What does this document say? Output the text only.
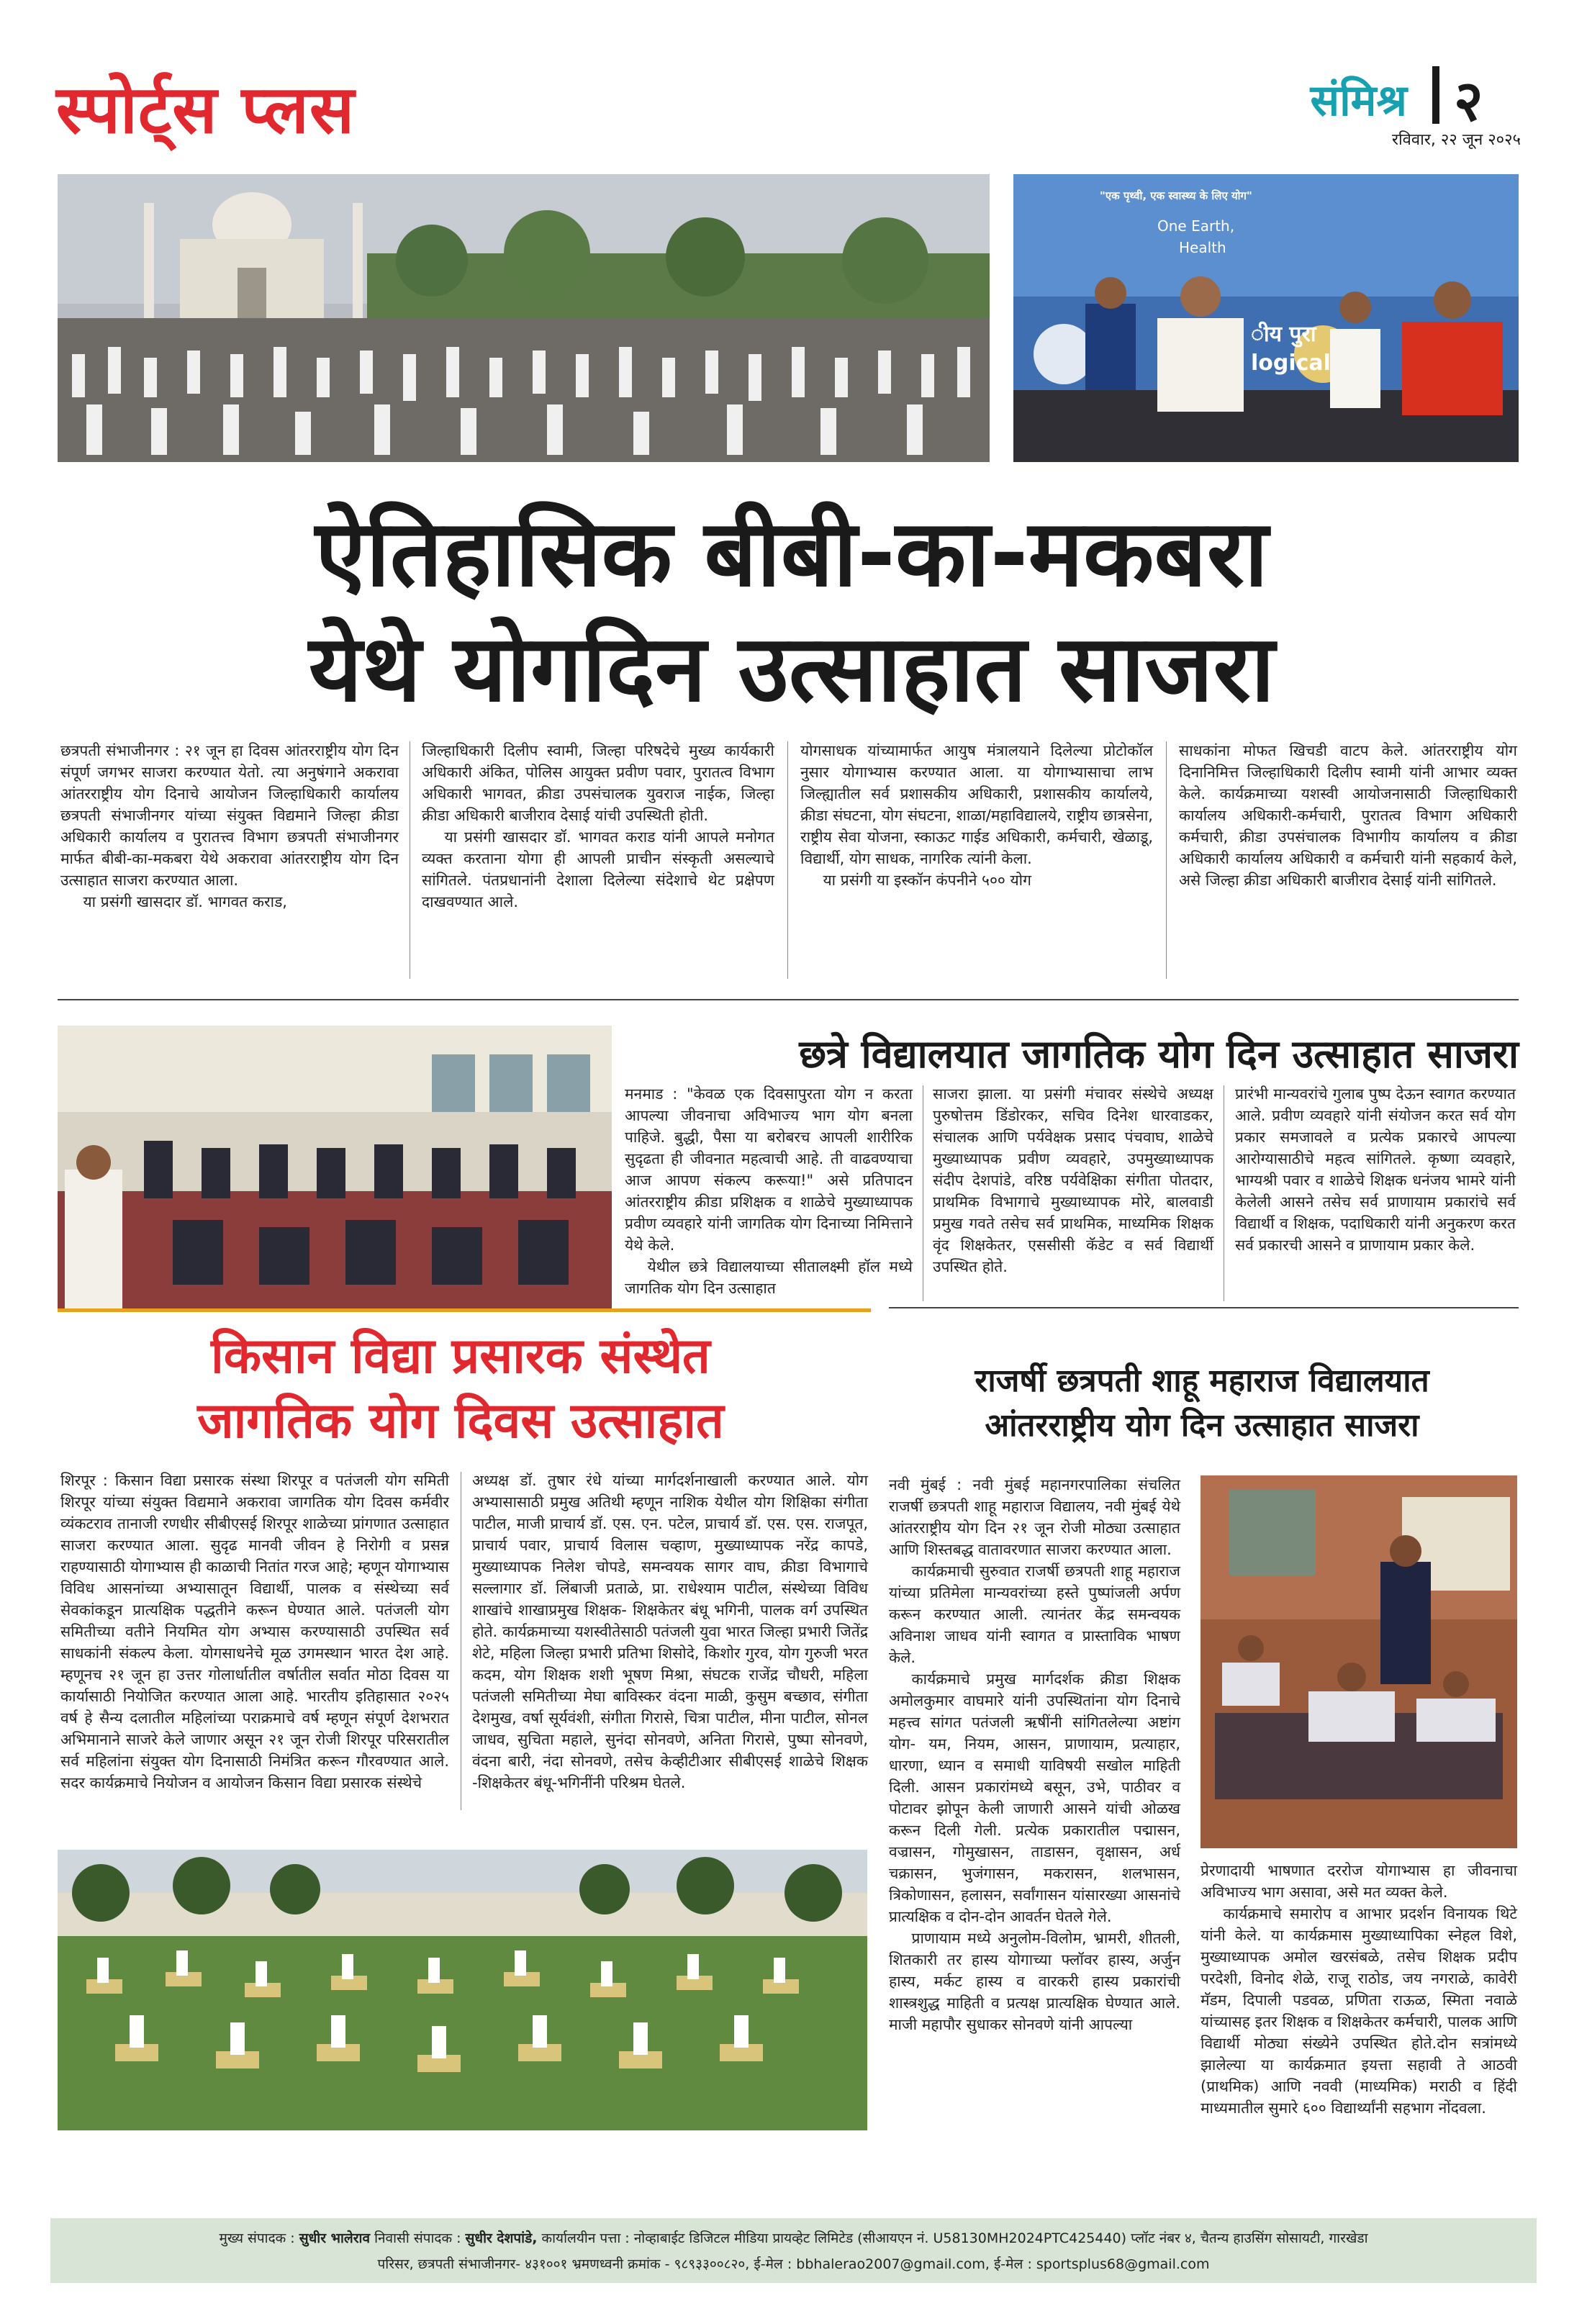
स्पोर्ट्स प्लस	संमिश्र २
रविवार, २२ जून २०२५
"एक पृथ्वी, एक स्वास्थ्य के लिए योग"
One Earth,
Health
ीय पुरा
logical
ऐतिहासिक बीबी-का-मकबरा
येथे योगदिन उत्साहात साजरा

छत्रपती संभाजीनगर : २१ जून हा दिवस आंतरराष्ट्रीय योग दिन संपूर्ण जगभर साजरा करण्यात येतो. त्या अनुषंगाने अकरावा आंतरराष्ट्रीय योग दिनाचे आयोजन जिल्हाधिकारी कार्यालय छत्रपती संभाजीनगर यांच्या संयुक्त विद्यमाने जिल्हा क्रीडा अधिकारी कार्यालय व पुरातत्त्व विभाग छत्रपती संभाजीनगर मार्फत बीबी-का-मकबरा येथे अकरावा आंतरराष्ट्रीय योग दिन उत्साहात साजरा करण्यात आला.

या प्रसंगी खासदार डॉ. भागवत कराड,

जिल्हाधिकारी दिलीप स्वामी, जिल्हा परिषदेचे मुख्य कार्यकारी अधिकारी अंकित, पोलिस आयुक्त प्रवीण पवार, पुरातत्व विभाग अधिकारी भागवत, क्रीडा उपसंचालक युवराज नाईक, जिल्हा क्रीडा अधिकारी बाजीराव देसाई यांची उपस्थिती होती.

या प्रसंगी खासदार डॉ. भागवत कराड यांनी आपले मनोगत व्यक्त करताना योगा ही आपली प्राचीन संस्कृती असल्याचे सांगितले. पंतप्रधानांनी देशाला दिलेल्या संदेशाचे थेट प्रक्षेपण दाखवण्यात आले.

योगसाधक यांच्यामार्फत आयुष मंत्रालयाने दिलेल्या प्रोटोकॉल नुसार योगाभ्यास करण्यात आला. या योगाभ्यासाचा लाभ जिल्ह्यातील सर्व प्रशासकीय अधिकारी, प्रशासकीय कार्यालये, क्रीडा संघटना, योग संघटना, शाळा/महाविद्यालये, राष्ट्रीय छात्रसेना, राष्ट्रीय सेवा योजना, स्काऊट गाईड अधिकारी, कर्मचारी, खेळाडू, विद्यार्थी, योग साधक, नागरिक त्यांनी केला.

या प्रसंगी या इस्कॉन कंपनीने ५०० योग

साधकांना मोफत खिचडी वाटप केले. आंतरराष्ट्रीय योग दिनानिमित्त जिल्हाधिकारी दिलीप स्वामी यांनी आभार व्यक्त केले. कार्यक्रमाच्या यशस्वी आयोजनासाठी जिल्हाधिकारी कार्यालय अधिकारी-कर्मचारी, पुरातत्व विभाग अधिकारी कर्मचारी, क्रीडा उपसंचालक विभागीय कार्यालय व क्रीडा अधिकारी कार्यालय अधिकारी व कर्मचारी यांनी सहकार्य केले, असे जिल्हा क्रीडा अधिकारी बाजीराव देसाई यांनी सांगितले.

छत्रे विद्यालयात जागतिक योग दिन उत्साहात साजरा

मनमाड : "केवळ एक दिवसापुरता योग न करता आपल्या जीवनाचा अविभाज्य भाग योग बनला पाहिजे. बुद्धी, पैसा या बरोबरच आपली शारीरिक सुदृढता ही जीवनात महत्वाची आहे. ती वाढवण्याचा आज आपण संकल्प करूया!" असे प्रतिपादन आंतरराष्ट्रीय क्रीडा प्रशिक्षक व शाळेचे मुख्याध्यापक प्रवीण व्यवहारे यांनी जागतिक योग दिनाच्या निमित्ताने येथे केले.

येथील छत्रे विद्यालयाच्या सीतालक्ष्मी हॉल मध्ये जागतिक योग दिन उत्साहात

साजरा झाला. या प्रसंगी मंचावर संस्थेचे अध्यक्ष पुरुषोत्तम डिंडोरकर, सचिव दिनेश धारवाडकर, संचालक आणि पर्यवेक्षक प्रसाद पंचवाघ, शाळेचे मुख्याध्यापक प्रवीण व्यवहारे, उपमुख्याध्यापक संदीप देशपांडे, वरिष्ठ पर्यवेक्षिका संगीता पोतदार, प्राथमिक विभागाचे मुख्याध्यापक मोरे, बालवाडी प्रमुख गवते तसेच सर्व प्राथमिक, माध्यमिक शिक्षक वृंद शिक्षकेतर, एससीसी कॅडेट व सर्व विद्यार्थी उपस्थित होते.

प्रारंभी मान्यवरांचे गुलाब पुष्प देऊन स्वागत करण्यात आले. प्रवीण व्यवहारे यांनी संयोजन करत सर्व योग प्रकार समजावले व प्रत्येक प्रकारचे आपल्या आरोग्यासाठीचे महत्व सांगितले. कृष्णा व्यवहारे, भाग्यश्री पवार व शाळेचे शिक्षक धनंजय भामरे यांनी केलेली आसने तसेच सर्व प्राणायाम प्रकारांचे सर्व विद्यार्थी व शिक्षक, पदाधिकारी यांनी अनुकरण करत सर्व प्रकारची आसने व प्राणायाम प्रकार केले.

किसान विद्या प्रसारक संस्थेत
जागतिक योग दिवस उत्साहात

शिरपूर : किसान विद्या प्रसारक संस्था शिरपूर व पतंजली योग समिती शिरपूर यांच्या संयुक्त विद्यमाने अकरावा जागतिक योग दिवस कर्मवीर व्यंकटराव तानाजी रणधीर सीबीएसई शिरपूर शाळेच्या प्रांगणात उत्साहात साजरा करण्यात आला. सुदृढ मानवी जीवन हे निरोगी व प्रसन्न राहण्यासाठी योगाभ्यास ही काळाची नितांत गरज आहे; म्हणून योगाभ्यास विविध आसनांच्या अभ्यासातून विद्यार्थी, पालक व संस्थेच्या सर्व सेवकांकडून प्रात्यक्षिक पद्धतीने करून घेण्यात आले. पतंजली योग समितीच्या वतीने नियमित योग अभ्यास करण्यासाठी उपस्थित सर्व साधकांनी संकल्प केला. योगसाधनेचे मूळ उगमस्थान भारत देश आहे. म्हणूनच २१ जून हा उत्तर गोलार्धातील वर्षातील सर्वात मोठा दिवस या कार्यासाठी नियोजित करण्यात आला आहे. भारतीय इतिहासात २०२५ वर्ष हे सैन्य दलातील महिलांच्या पराक्रमाचे वर्ष म्हणून संपूर्ण देशभरात अभिमानाने साजरे केले जाणार असून २१ जून रोजी शिरपूर परिसरातील सर्व महिलांना संयुक्त योग दिनासाठी निमंत्रित करून गौरवण्यात आले. सदर कार्यक्रमाचे नियोजन व आयोजन किसान विद्या प्रसारक संस्थेचे

अध्यक्ष डॉ. तुषार रंधे यांच्या मार्गदर्शनाखाली करण्यात आले. योग अभ्यासासाठी प्रमुख अतिथी म्हणून नाशिक येथील योग शिक्षिका संगीता पाटील, माजी प्राचार्य डॉ. एस. एन. पटेल, प्राचार्य डॉ. एस. एस. राजपूत, प्राचार्य पवार, प्राचार्य विलास चव्हाण, मुख्याध्यापक नरेंद्र कापडे, मुख्याध्यापक निलेश चोपडे, समन्वयक सागर वाघ, क्रीडा विभागाचे सल्लागार डॉ. लिंबाजी प्रताळे, प्रा. राधेश्याम पाटील, संस्थेच्या विविध शाखांचे शाखाप्रमुख शिक्षक- शिक्षकेतर बंधू भगिनी, पालक वर्ग उपस्थित होते. कार्यक्रमाच्या यशस्वीतेसाठी पतंजली युवा भारत जिल्हा प्रभारी जितेंद्र शेटे, महिला जिल्हा प्रभारी प्रतिभा शिसोदे, किशोर गुरव, योग गुरुजी भरत कदम, योग शिक्षक शशी भूषण मिश्रा, संघटक राजेंद्र चौधरी, महिला पतंजली समितीच्या मेघा बाविस्कर वंदना माळी, कुसुम बच्छाव, संगीता देशमुख, वर्षा सूर्यवंशी, संगीता गिरासे, चित्रा पाटील, मीना पाटील, सोनल जाधव, सुचिता महाले, सुनंदा सोनवणे, अनिता गिरासे, पुष्पा सोनवणे, वंदना बारी, नंदा सोनवणे, तसेच केव्हीटीआर सीबीएसई शाळेचे शिक्षक -शिक्षकेतर बंधू-भगिनींनी परिश्रम घेतले.

राजर्षी छत्रपती शाहू महाराज विद्यालयात
आंतरराष्ट्रीय योग दिन उत्साहात साजरा

नवी मुंबई : नवी मुंबई महानगरपालिका संचलित राजर्षी छत्रपती शाहू महाराज विद्यालय, नवी मुंबई येथे आंतरराष्ट्रीय योग दिन २१ जून रोजी मोठ्या उत्साहात आणि शिस्तबद्ध वातावरणात साजरा करण्यात आला.

कार्यक्रमाची सुरुवात राजर्षी छत्रपती शाहू महाराज यांच्या प्रतिमेला मान्यवरांच्या हस्ते पुष्पांजली अर्पण करून करण्यात आली. त्यानंतर केंद्र समन्वयक अविनाश जाधव यांनी स्वागत व प्रास्ताविक भाषण केले.

कार्यक्रमाचे प्रमुख मार्गदर्शक क्रीडा शिक्षक अमोलकुमार वाघमारे यांनी उपस्थितांना योग दिनाचे महत्त्व सांगत पतंजली ऋषींनी सांगितलेल्या अष्टांग योग- यम, नियम, आसन, प्राणायाम, प्रत्याहार, धारणा, ध्यान व समाधी याविषयी सखोल माहिती दिली. आसन प्रकारांमध्ये बसून, उभे, पाठीवर व पोटावर झोपून केली जाणारी आसने यांची ओळख करून दिली गेली. प्रत्येक प्रकारातील पद्मासन, वज्रासन, गोमुखासन, ताडासन, वृक्षासन, अर्ध चक्रासन, भुजंगासन, मकरासन, शलभासन, त्रिकोणासन, हलासन, सर्वांगासन यांसारख्या आसनांचे प्रात्यक्षिक व दोन-दोन आवर्तन घेतले गेले.

प्राणायाम मध्ये अनुलोम-विलोम, भ्रामरी, शीतली, शितकारी तर हास्य योगाच्या फ्लॉवर हास्य, अर्जुन हास्य, मर्कट हास्य व वारकरी हास्य प्रकारांची शास्त्रशुद्ध माहिती व प्रत्यक्ष प्रात्यक्षिक घेण्यात आले. माजी महापौर सुधाकर सोनवणे यांनी आपल्या

प्रेरणादायी भाषणात दररोज योगाभ्यास हा जीवनाचा अविभाज्य भाग असावा, असे मत व्यक्त केले.

कार्यक्रमाचे समारोप व आभार प्रदर्शन विनायक थिटे यांनी केले. या कार्यक्रमास मुख्याध्यापिका स्नेहल विशे, मुख्याध्यापक अमोल खरसंबळे, तसेच शिक्षक प्रदीप परदेशी, विनोद शेळे, राजू राठोड, जय नगराळे, कावेरी मॅडम, दिपाली पडवळ, प्रणिता राऊळ, स्मिता नवाळे यांच्यासह इतर शिक्षक व शिक्षकेतर कर्मचारी, पालक आणि विद्यार्थी मोठ्या संख्येने उपस्थित होते.दोन सत्रांमध्ये झालेल्या या कार्यक्रमात इयत्ता सहावी ते आठवी (प्राथमिक) आणि नववी (माध्यमिक) मराठी व हिंदी माध्यमातील सुमारे ६०० विद्यार्थ्यांनी सहभाग नोंदवला.

मुख्य संपादक : सुधीर भालेराव निवासी संपादक : सुधीर देशपांडे, कार्यालयीन पत्ता : नोव्हाबाईट डिजिटल मीडिया प्रायव्हेट लिमिटेड (सीआयएन नं. U58130MH2024PTC425440) प्लॉट नंबर ४, चैतन्य हाउसिंग सोसायटी, गारखेडा
परिसर, छत्रपती संभाजीनगर- ४३१००१ भ्रमणध्वनी क्रमांक - ९८९३३००८२०, ई-मेल : bbhalerao2007@gmail.com, ई-मेल : sportsplus68@gmail.com
